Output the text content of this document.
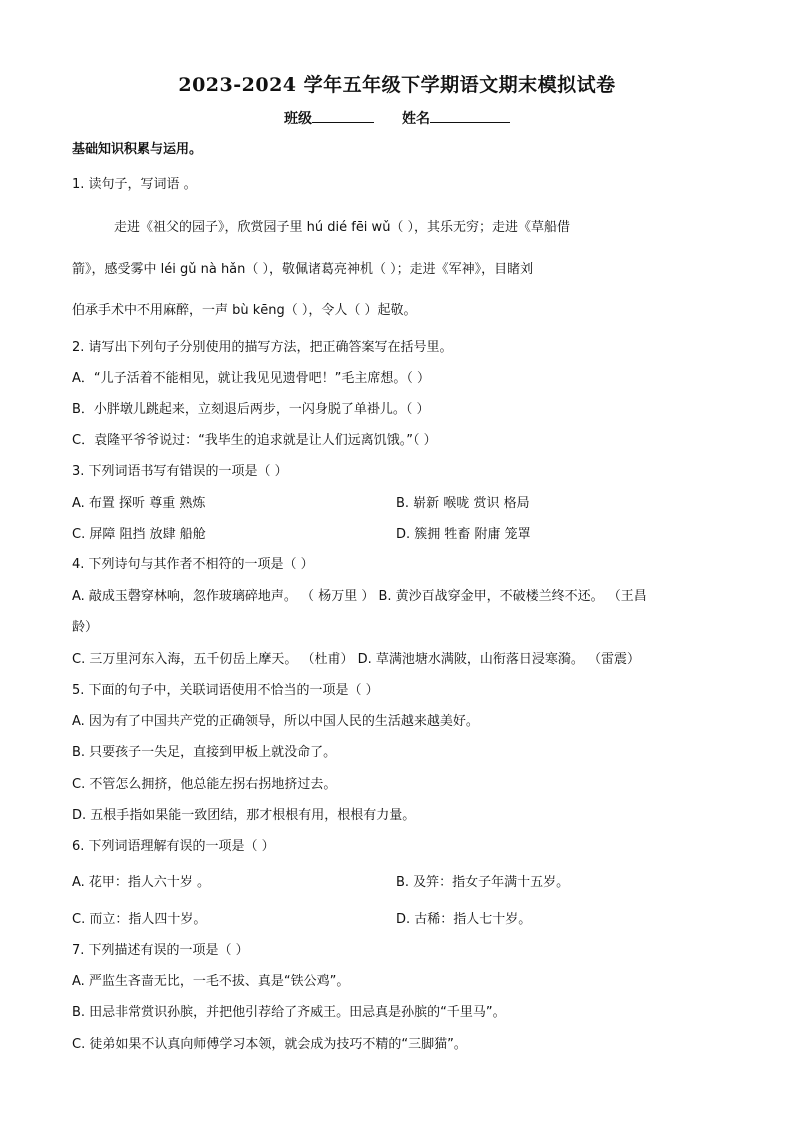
2023-2024 学年五年级下学期语文期末模拟试卷
班级	姓名
基础知识积累与运用。
1. 读句子，写词语 。
走进《祖父的园子》，欣赏园子里 hú dié fēi wǔ（ ），其乐无穷；走进《草船借
箭》，感受雾中 léi gǔ nà hǎn（ ），敬佩诸葛亮神机（ ）；走进《军神》，目睹刘
伯承手术中不用麻醉，一声 bù kēng（ ），令人（ ）起敬。
2. 请写出下列句子分别使用的描写方法，把正确答案写在括号里。
A．“儿子活着不能相见，就让我见见遗骨吧！”毛主席想。（ ）
B．小胖墩儿跳起来，立刻退后两步，一闪身脱了单褂儿。（ ）
C．袁隆平爷爷说过：“我毕生的追求就是让人们远离饥饿。”（ ）
3. 下列词语书写有错误的一项是（ ）
A. 布置 探听 尊重 熟炼	B. 崭新 喉咙 赏识 格局
C. 屏障 阻挡 放肆 船舱	D. 簇拥 牲畜 附庸 笼罩
4. 下列诗句与其作者不相符的一项是（ ）
A. 敲成玉磬穿林响，忽作玻璃碎地声。 （ 杨万里 ） B. 黄沙百战穿金甲，不破楼兰终不还。 （王昌
龄）
C. 三万里河东入海，五千仞岳上摩天。 （杜甫） D. 草满池塘水满陂，山衔落日浸寒漪。 （雷震）
5. 下面的句子中，关联词语使用不恰当的一项是（ ）
A. 因为有了中国共产党的正确领导，所以中国人民的生活越来越美好。
B. 只要孩子一失足，直接到甲板上就没命了。
C. 不管怎么拥挤，他总能左拐右拐地挤过去。
D. 五根手指如果能一致团结，那才根根有用，根根有力量。
6. 下列词语理解有误的一项是（ ）
A. 花甲：指人六十岁 。	B. 及笄：指女子年满十五岁。
C. 而立：指人四十岁。	D. 古稀：指人七十岁。
7. 下列描述有误的一项是（ ）
A. 严监生吝啬无比，一毛不拔、真是“铁公鸡”。
B. 田忌非常赏识孙膑，并把他引荐给了齐威王。田忌真是孙膑的“千里马”。
C. 徒弟如果不认真向师傅学习本领，就会成为技巧不精的“三脚猫”。
